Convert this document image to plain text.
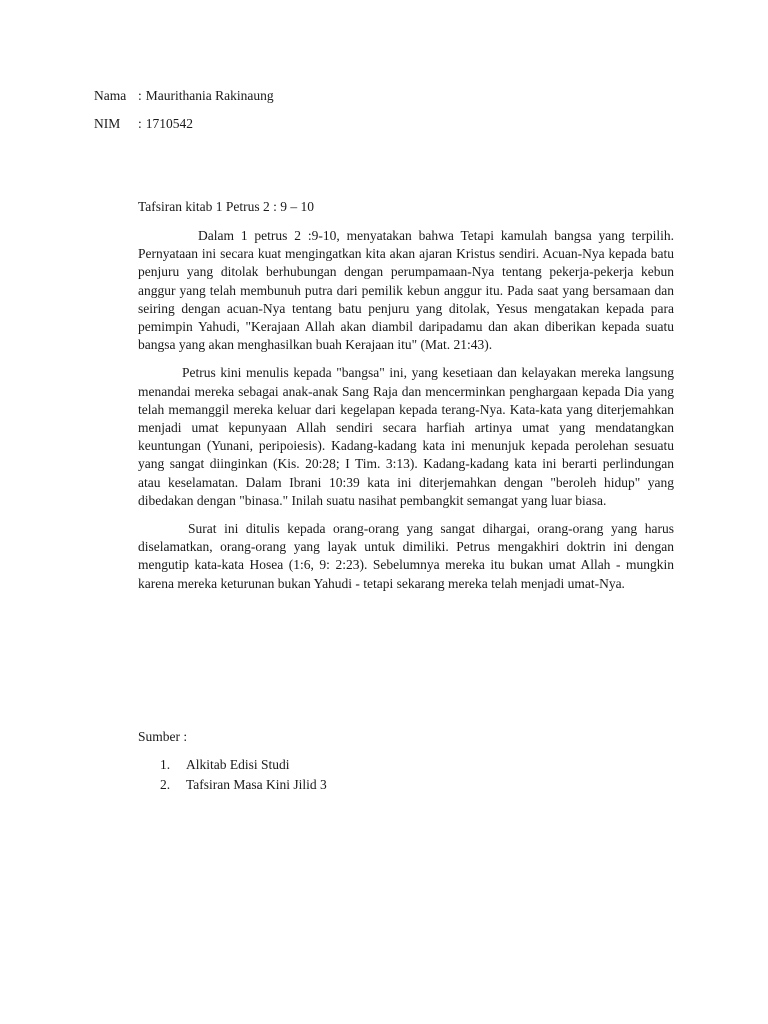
Nama : Maurithania Rakinaung
NIM	: 1710542
Tafsiran kitab 1 Petrus 2 : 9 – 10

Dalam 1 petrus 2 :9-10, menyatakan bahwa Tetapi kamulah bangsa yang terpilih. Pernyataan ini secara kuat mengingatkan kita akan ajaran Kristus sendiri. Acuan-Nya kepada batu penjuru yang ditolak berhubungan dengan perumpamaan-Nya tentang pekerja-pekerja kebun anggur yang telah membunuh putra dari pemilik kebun anggur itu. Pada saat yang bersamaan dan seiring dengan acuan-Nya tentang batu penjuru yang ditolak, Yesus mengatakan kepada para pemimpin Yahudi, "Kerajaan Allah akan diambil daripadamu dan akan diberikan kepada suatu bangsa yang akan menghasilkan buah Kerajaan itu" (Mat. 21:43).

Petrus kini menulis kepada "bangsa" ini, yang kesetiaan dan kelayakan mereka langsung menandai mereka sebagai anak-anak Sang Raja dan mencerminkan penghargaan kepada Dia yang telah memanggil mereka keluar dari kegelapan kepada terang-Nya. Kata-kata yang diterjemahkan menjadi umat kepunyaan Allah sendiri secara harfiah artinya umat yang mendatangkan keuntungan (Yunani, peripoiesis). Kadang-kadang kata ini menunjuk kepada perolehan sesuatu yang sangat diinginkan (Kis. 20:28; I Tim. 3:13). Kadang-kadang kata ini berarti perlindungan atau keselamatan. Dalam Ibrani 10:39 kata ini diterjemahkan dengan "beroleh hidup" yang dibedakan dengan "binasa." Inilah suatu nasihat pembangkit semangat yang luar biasa.

Surat ini ditulis kepada orang-orang yang sangat dihargai, orang-orang yang harus diselamatkan, orang-orang yang layak untuk dimiliki. Petrus mengakhiri doktrin ini dengan mengutip kata-kata Hosea (1:6, 9: 2:23). Sebelumnya mereka itu bukan umat Allah - mungkin karena mereka keturunan bukan Yahudi - tetapi sekarang mereka telah menjadi umat-Nya.

Sumber :
1. Alkitab Edisi Studi
2. Tafsiran Masa Kini Jilid 3
